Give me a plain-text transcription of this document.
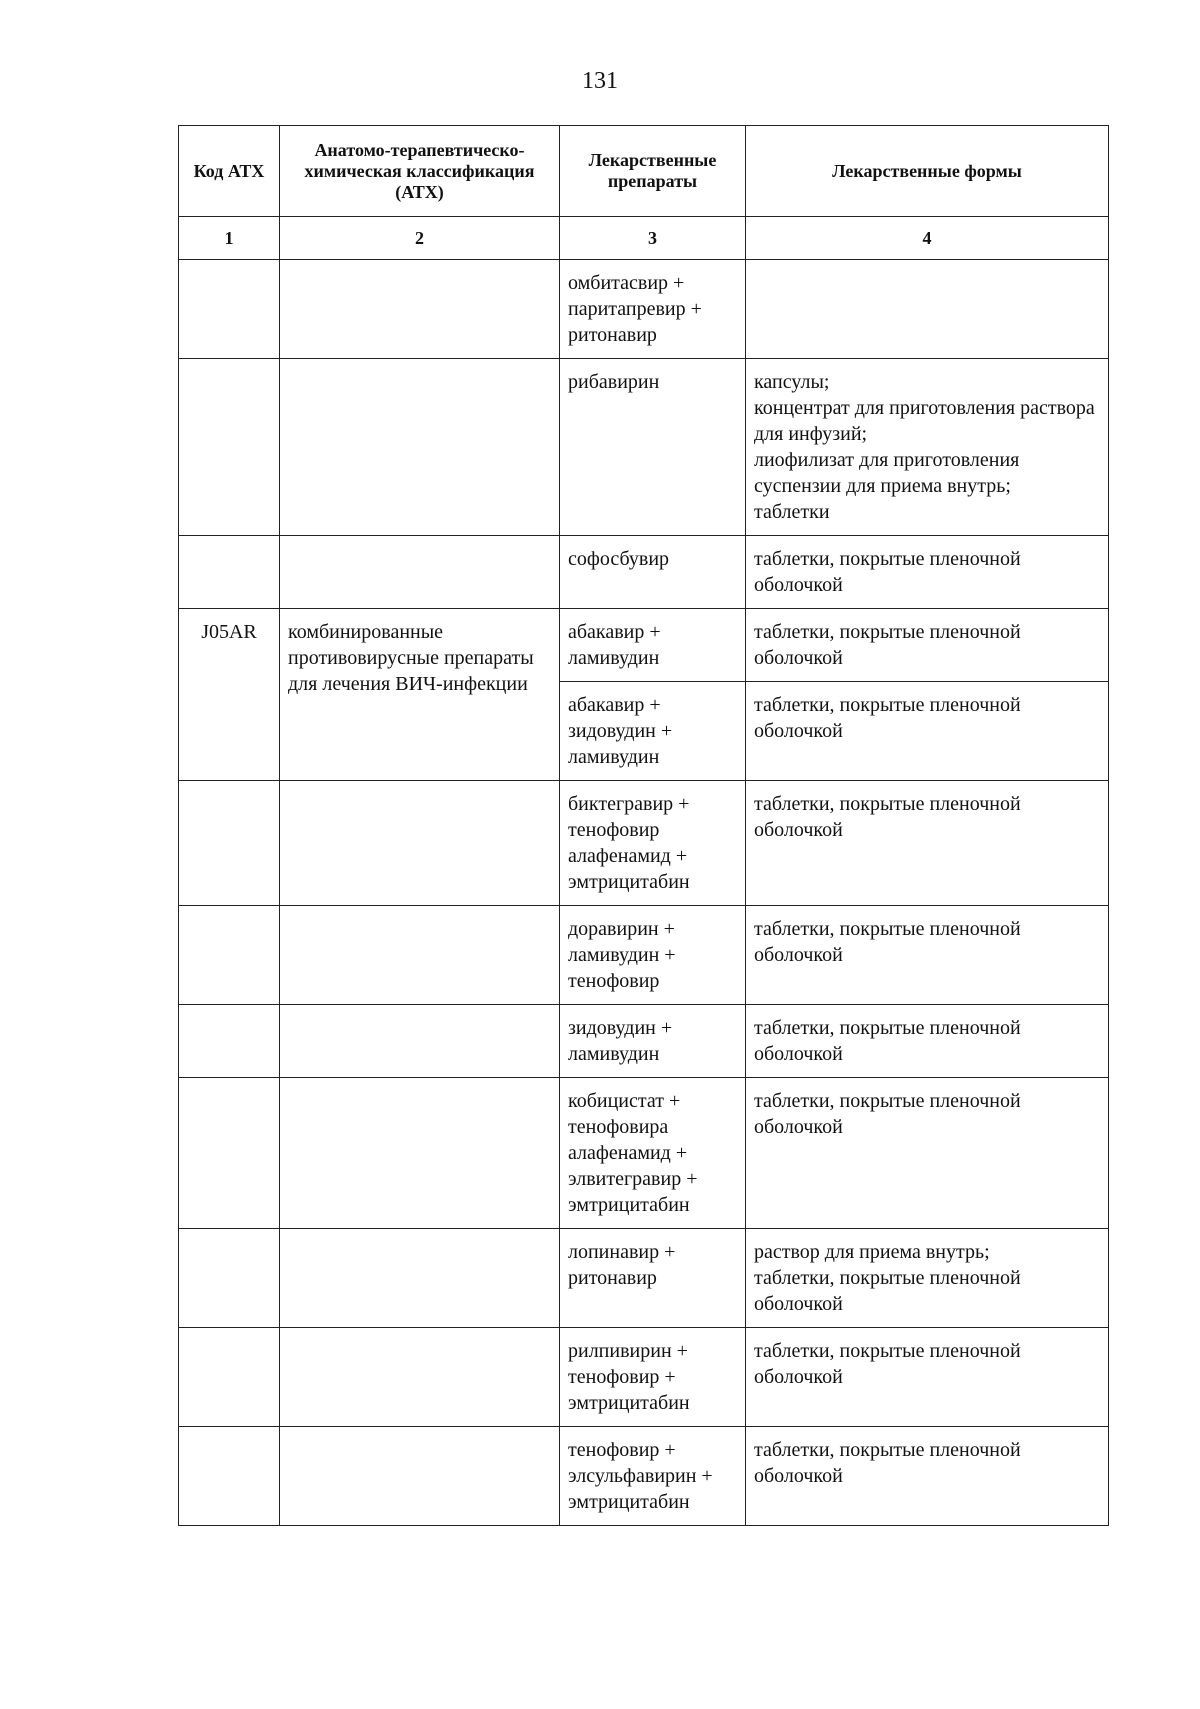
131
Код АТХ	Анатомо-терапевтическо-химическая классификация (АТХ)	Лекарственные препараты	Лекарственные формы
1	2	3	4
		омбитасвир + паритапревир + ритонавир	

		рибавирин	капсулы;
концентрат для приготовления раствора для инфузий;
лиофилизат для приготовления суспензии для приема внутрь;
таблетки

		софосбувир	таблетки, покрытые пленочной оболочкой

J05AR	комбинированные противовирусные препараты для лечения ВИЧ-инфекции	абакавир + ламивудин	таблетки, покрытые пленочной оболочкой

		абакавир + зидовудин + ламивудин	таблетки, покрытые пленочной оболочкой

		биктегравир + тенофовир алафенамид + эмтрицитабин	таблетки, покрытые пленочной оболочкой

		доравирин + ламивудин + тенофовир	таблетки, покрытые пленочной оболочкой

		зидовудин + ламивудин	таблетки, покрытые пленочной оболочкой

		кобицистат + тенофовира алафенамид + элвитегравир + эмтрицитабин	таблетки, покрытые пленочной оболочкой

		лопинавир + ритонавир	раствор для приема внутрь;
таблетки, покрытые пленочной оболочкой

		рилпивирин + тенофовир + эмтрицитабин	таблетки, покрытые пленочной оболочкой

		тенофовир + элсульфавирин + эмтрицитабин	таблетки, покрытые пленочной оболочкой
